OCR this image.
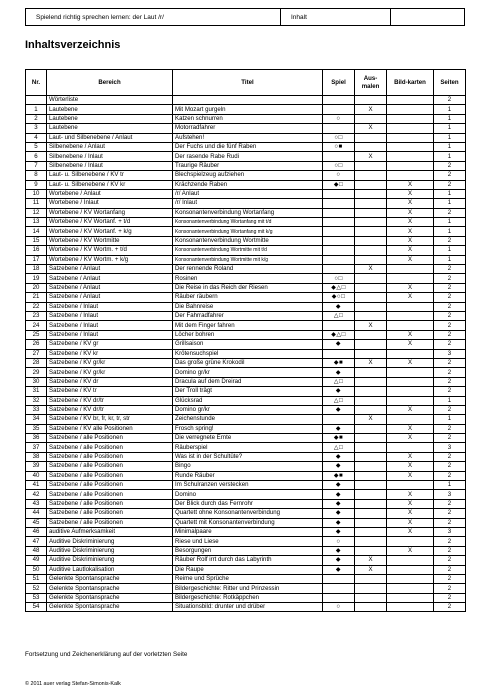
Spielend richtig sprechen lernen: der Laut /r/	Inhalt
Inhaltsverzeichnis
Nr.	Bereich	Titel	Spiel	Aus-malen	Bild-karten	Seiten
	Wörterliste					2
1	Lautebene	Mit Mozart gurgeln		X		1
2	Lautebene	Katzen schnurren	○			1
3	Lautebene	Motorradfahrer		X		1
4	Laut- und Silbenebene / Anlaut	Aufstehen!	○□			1
5	Silbenebene / Anlaut	Der Fuchs und die fünf Raben	○■			1
6	Silbenebene / Inlaut	Der rasende Rabe Rudi		X		1
7	Silbenebene / Inlaut	Traurige Räuber	○□			2
8	Laut- u. Silbenebene / KV tr	Blechspielzeug aufziehen	○			2
9	Laut- u. Silbenebene / KV kr	Krächzende Raben	◆□		X	2
10	Wortebene / Anlaut	/r/ Anlaut			X	1
11	Wortebene / Inlaut	/r/ Inlaut			X	1
12	Wortebene / KV Wortanfang	Konsonantenverbindung Wortanfang			X	2
13	Wortebene / KV Wortanf. + t/d	Konsonantenverbindung Wortanfang mit t/d			X	1
14	Wortebene / KV Wortanf. + k/g	Konsonantenverbindung Wortanfang mit k/g			X	1
15	Wortebene / KV Wortmitte	Konsonantenverbindung Wortmitte			X	2
16	Wortebene / KV Wortm. + t/d	Konsonantenverbindung Wortmitte mit t/d			X	1
17	Wortebene / KV Wortm. + k/g	Konsonantenverbindung Wortmitte mit k/g			X	1
18	Satzebene / Anlaut	Der rennende Roland		X		2
19	Satzebene / Anlaut	Rosinen	○□			2
20	Satzebene / Anlaut	Die Reise in das Reich der Riesen	◆△□		X	2
21	Satzebene / Anlaut	Räuber räubern	◆○□		X	2
22	Satzebene / Inlaut	Die Bahnreise	◆			2
23	Satzebene / Inlaut	Der Fahrradfahrer	△□			2
24	Satzebene / Inlaut	Mit dem Finger fahren		X		2
25	Satzebene / Inlaut	Löcher bohren	◆△□		X	2
26	Satzebene / KV gr	Grillsaison	◆		X	2
27	Satzebene / KV kr	Krötensuchspiel				3
28	Satzebene / KV gr/kr	Das große grüne Krokodil	◆■	X	X	2
29	Satzebene / KV gr/kr	Domino gr/kr	◆			2
30	Satzebene / KV dr	Dracula auf dem Dreirad	△□			2
31	Satzebene / KV tr	Der Troll trägt	◆			2
32	Satzebene / KV dr/tr	Glücksrad	△□			1
33	Satzebene / KV dr/tr	Domino gr/kr	◆		X	2
34	Satzebene / KV br, fr, kr, tr, str	Zeichenstunde		X		1
35	Satzebene / KV alle Positionen	Frosch spring!	◆		X	2
36	Satzebene / alle Positionen	Die verregnete Ernte	◆■		X	2
37	Satzebene / alle Positionen	Räuberspiel	△□			3
38	Satzebene / alle Positionen	Was ist in der Schultüte?	◆		X	2
39	Satzebene / alle Positionen	Bingo	◆		X	2
40	Satzebene / alle Positionen	Runde Räuber	◆■		X	2
41	Satzebene / alle Positionen	Im Schulranzen verstecken	◆			1
42	Satzebene / alle Positionen	Domino	◆		X	3
43	Satzebene / alle Positionen	Der Blick durch das Fernrohr	◆		X	2
44	Satzebene / alle Positionen	Quartett ohne Konsonantenverbindung	◆		X	2
45	Satzebene / alle Positionen	Quartett mit Konsonantenverbindung	◆		X	2
46	auditive Aufmerksamkeit	Minimalpaare	◆		X	3
47	Auditive Diskriminierung	Riese und Liese	○			2
48	Auditive Diskriminierung	Besorgungen	◆		X	2
49	Auditive Diskriminierung	Räuber Rolf irrt durch das Labyrinth	◆	X		2
50	Auditive Lautlokalisation	Die Raupe	◆	X		2
51	Gelenkte Spontansprache	Reime und Sprüche				2
52	Gelenkte Spontansprache	Bildergeschichte: Ritter und Prinzessin				2
53	Gelenkte Spontansprache	Bildergeschichte: Rotkäppchen				2
54	Gelenkte Spontansprache	Situationsbild: drunter und drüber	○			2
Fortsetzung und Zeichenerklärung auf der vorletzten Seite
© 2011 auer verlag Stefan-Simonis-Kalk
